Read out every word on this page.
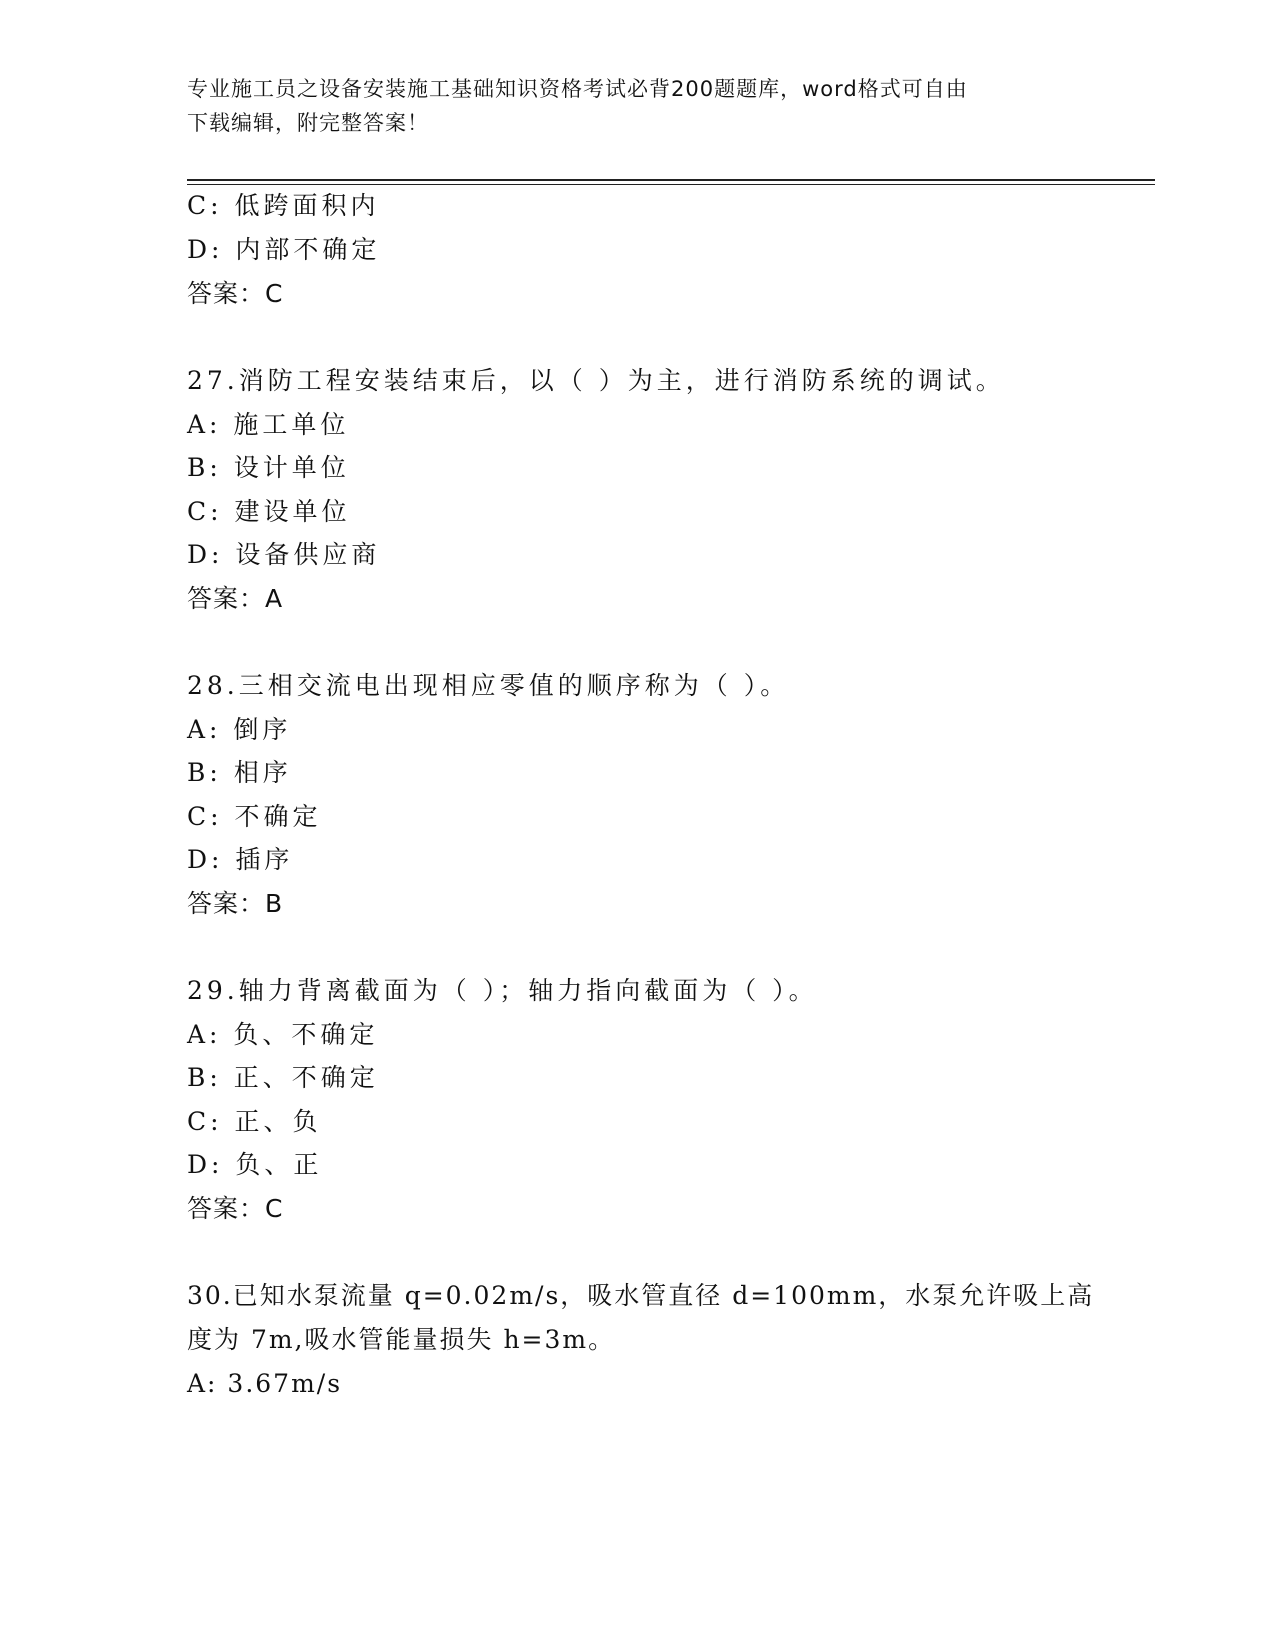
专业施工员之设备安装施工基础知识资格考试必背200题题库，word格式可自由
下载编辑，附完整答案！
C: 低跨面积内
D: 内部不确定
答案：C
27.消防工程安装结束后，以（ ）为主，进行消防系统的调试。
A: 施工单位
B: 设计单位
C: 建设单位
D: 设备供应商
答案：A
28.三相交流电出现相应零值的顺序称为（ ）。
A: 倒序
B: 相序
C: 不确定
D: 插序
答案：B
29.轴力背离截面为（ ）；轴力指向截面为（ ）。
A: 负、不确定
B: 正、不确定
C: 正、负
D: 负、正
答案：C
30.已知水泵流量 q=0.02m/s，吸水管直径 d=100mm，水泵允许吸上高
度为 7m,吸水管能量损失 h=3m。
A: 3.67m/s
